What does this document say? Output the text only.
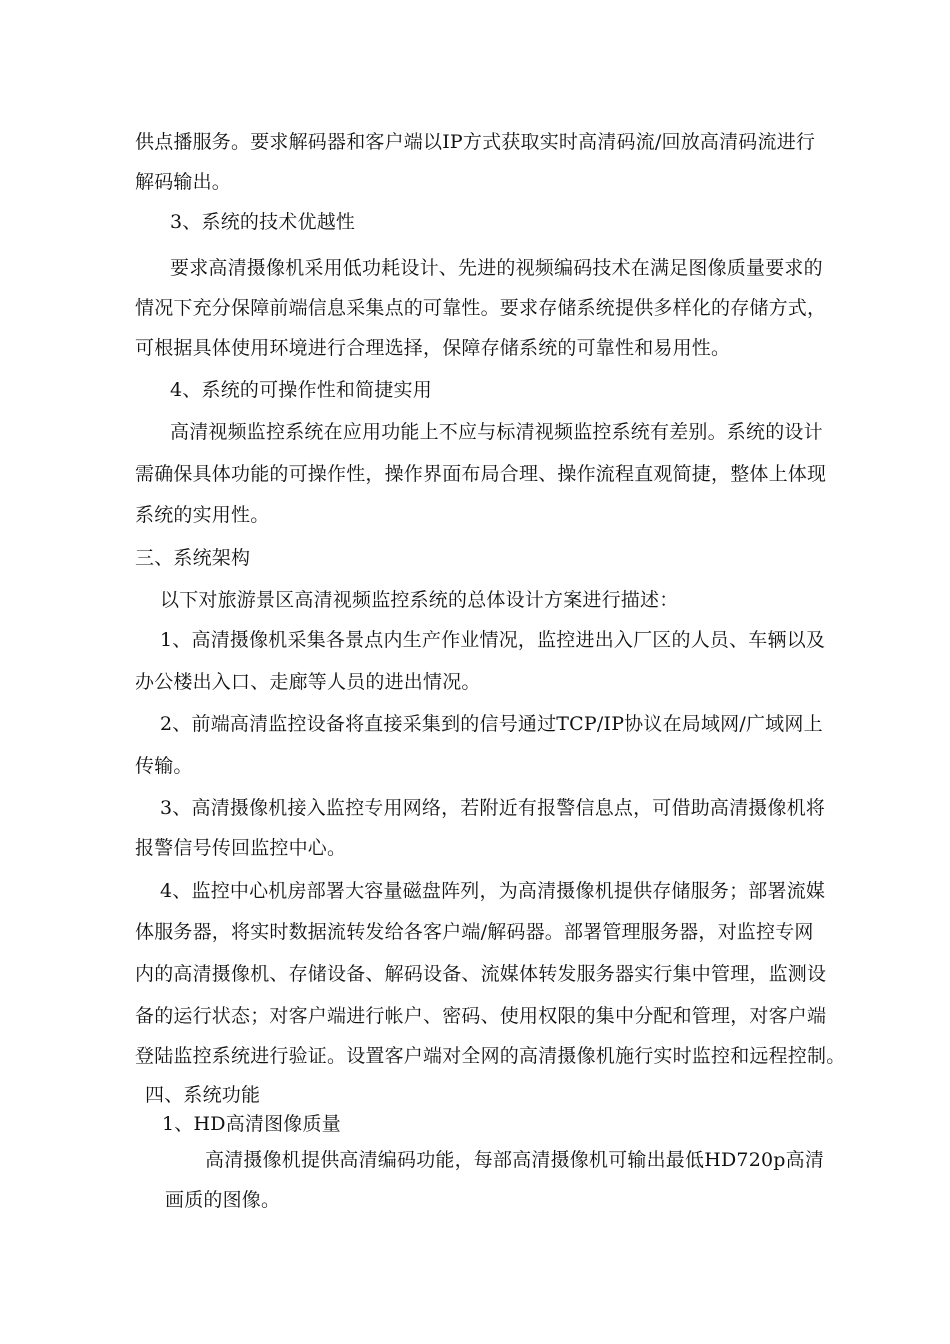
供点播服务。要求解码器和客户端以IP方式获取实时高清码流/回放高清码流进行
解码输出。
3、系统的技术优越性
要求高清摄像机采用低功耗设计、先进的视频编码技术在满足图像质量要求的
情况下充分保障前端信息采集点的可靠性。要求存储系统提供多样化的存储方式，
可根据具体使用环境进行合理选择，保障存储系统的可靠性和易用性。
4、系统的可操作性和简捷实用
高清视频监控系统在应用功能上不应与标清视频监控系统有差别。系统的设计
需确保具体功能的可操作性，操作界面布局合理、操作流程直观简捷，整体上体现
系统的实用性。
三、系统架构
以下对旅游景区高清视频监控系统的总体设计方案进行描述：
1、高清摄像机采集各景点内生产作业情况，监控进出入厂区的人员、车辆以及
办公楼出入口、走廊等人员的进出情况。
2、前端高清监控设备将直接采集到的信号通过TCP/IP协议在局域网/广域网上
传输。
3、高清摄像机接入监控专用网络，若附近有报警信息点，可借助高清摄像机将
报警信号传回监控中心。
4、监控中心机房部署大容量磁盘阵列，为高清摄像机提供存储服务；部署流媒
体服务器，将实时数据流转发给各客户端/解码器。部署管理服务器，对监控专网
内的高清摄像机、存储设备、解码设备、流媒体转发服务器实行集中管理，监测设
备的运行状态；对客户端进行帐户、密码、使用权限的集中分配和管理，对客户端
登陆监控系统进行验证。设置客户端对全网的高清摄像机施行实时监控和远程控制。
四、系统功能
1、HD高清图像质量
高清摄像机提供高清编码功能，每部高清摄像机可输出最低HD720p高清
画质的图像。
